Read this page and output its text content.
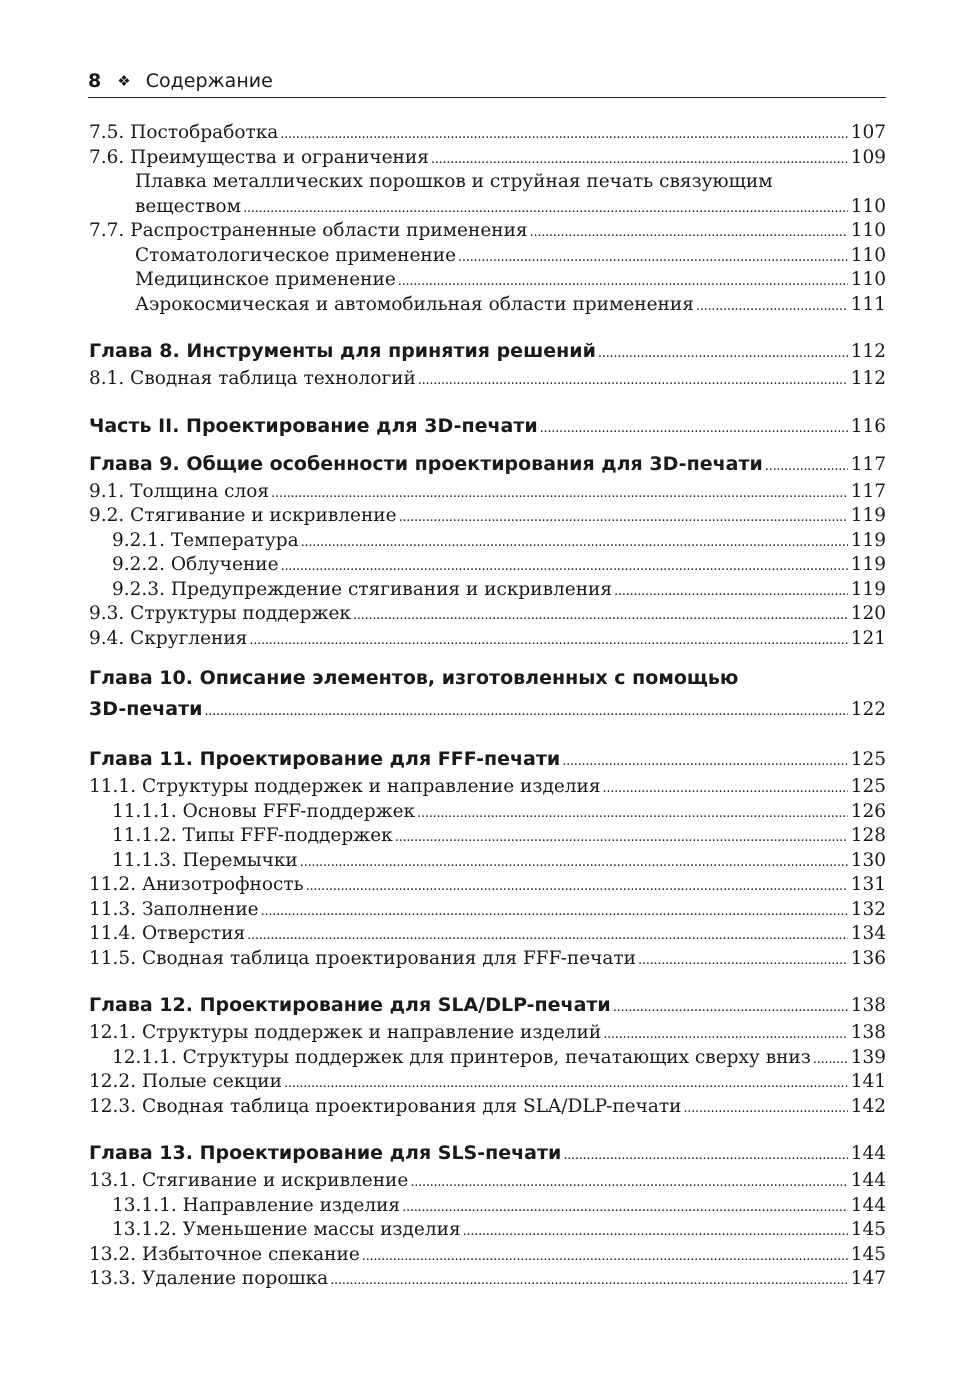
8 ❖ Содержание
7.5. Постобработка . . .	107
7.6. Преимущества и ограничения . . .	109
Плавка металлических порошков и струйная печать связующим
веществом . . .	110
7.7. Распространенные области применения . . .	110
Стоматологическое применение . . .	110
Медицинское применение . . .	110
Аэрокосмическая и автомобильная области применения . . .	111
Глава 8. Инструменты для принятия решений . . .	112
8.1. Сводная таблица технологий . . .	112
Часть II. Проектирование для 3D-печати . . .	116
Глава 9. Общие особенности проектирования для 3D-печати . . .	117
9.1. Толщина слоя . . .	117
9.2. Стягивание и искривление . . .	119
9.2.1. Температура . . .	119
9.2.2. Облучение . . .	119
9.2.3. Предупреждение стягивания и искривления . . .	119
9.3. Структуры поддержек . . .	120
9.4. Скругления . . .	121
Глава 10. Описание элементов, изготовленных с помощью
3D-печати . . .	122
Глава 11. Проектирование для FFF-печати . . .	125
11.1. Структуры поддержек и направление изделия . . .	125
11.1.1. Основы FFF-поддержек . . .	126
11.1.2. Типы FFF-поддержек . . .	128
11.1.3. Перемычки . . .	130
11.2. Анизотрофность . . .	131
11.3. Заполнение . . .	132
11.4. Отверстия . . .	134
11.5. Сводная таблица проектирования для FFF-печати . . .	136
Глава 12. Проектирование для SLA/DLP-печати . . .	138
12.1. Структуры поддержек и направление изделий . . .	138
12.1.1. Структуры поддержек для принтеров, печатающих сверху вниз . . . 139
12.2. Полые секции . . .	141
12.3. Сводная таблица проектирования для SLA/DLP-печати . . .	142
Глава 13. Проектирование для SLS-печати . . .	144
13.1. Стягивание и искривление . . .	144
13.1.1. Направление изделия . . .	144
13.1.2. Уменьшение массы изделия . . .	145
13.2. Избыточное спекание . . .	145
13.3. Удаление порошка . . .	147
